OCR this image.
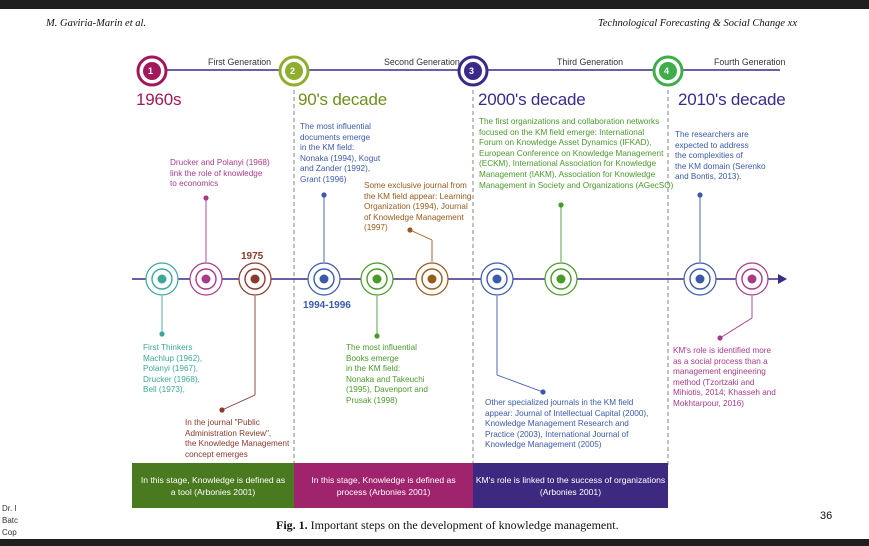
M. Gaviria-Marin et al.	Technological Forecasting & Social Change xx
1	2	3	4
First Generation	Second Generation	Third Generation	Fourth Generation
1960s	90's decade	2000's decade	2010's decade
1975
1994-1996
First Thinkers
Machlup (1962),
Polanyi (1967),
Drucker (1968),
Bell (1973),
Drucker and Polanyi (1968)
link the role of knowledge
to economics
In the journal "Public
Administration Review",
the Knowledge Management
concept emerges
The most influential
documents emerge
in the KM field:
Nonaka (1994), Kogut
and Zander (1992),
Grant (1996)
Some exclusive journal from
the KM field appear: Learning
Organization (1994), Journal
of Knowledge Management
(1997)
The most influential
Books emerge
in the KM field:
Nonaka and Takeuchi
(1995), Davenport and
Prusak (1998)
The first organizations and collaboration networks
focused on the KM field emerge: International
Forum on Knowledge Asset Dynamics (IFKAD),
European Conference on Knowledge Management
(ECKM), International Association for Knowledge
Management (IAKM), Association for Knowledge
Management in Society and Organizations (AGecSO)
Other specialized journals in the KM field
appear: Journal of Intellectual Capital (2000),
Knowledge Management Research and
Practice (2003), International Journal of
Knowledge Management (2005)
The researchers are
expected to address
the complexities of
the KM domain (Serenko
and Bontis, 2013).
KM's role is identified more
as a social process than a
management engineering
method (Tzortzaki and
Mihiotis, 2014; Khasseh and
Mokhtarpour, 2016)
In this stage, Knowledge is defined as
a tool (Arbonies 2001)
In this stage, Knowledge is defined as
process (Arbonies 2001)
KM's role is linked to the success of organizations
(Arbonies 2001)
Fig. 1. Important steps on the development of knowledge management.
36
Dr. I
Batc
Cop
